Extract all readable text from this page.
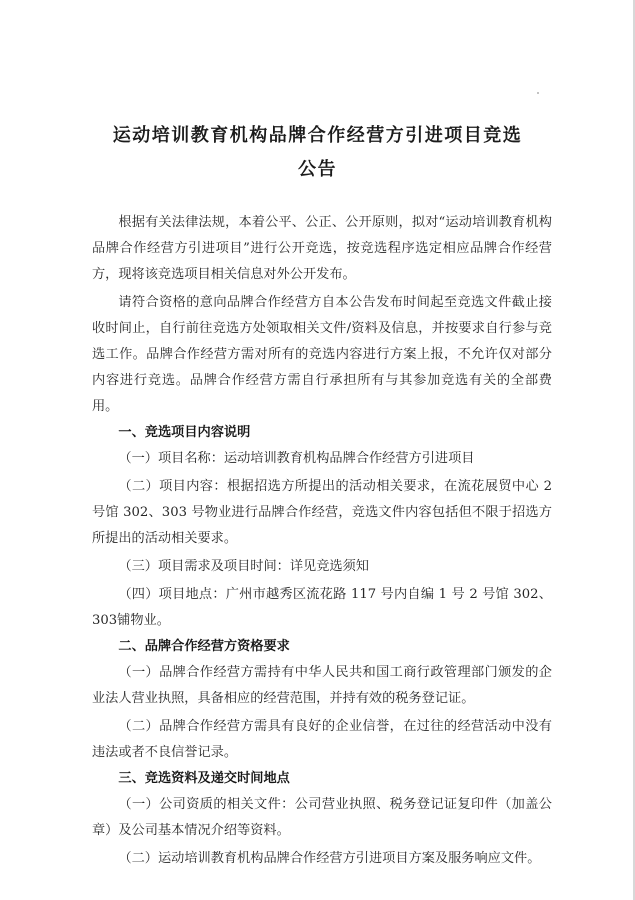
运动培训教育机构品牌合作经营方引进项目竞选
公告

根据有关法律法规，本着公平、公正、公开原则，拟对“运动培训教育机构品牌合作经营方引进项目”进行公开竞选，按竞选程序选定相应品牌合作经营方，现将该竞选项目相关信息对外公开发布。

请符合资格的意向品牌合作经营方自本公告发布时间起至竞选文件截止接收时间止，自行前往竞选方处领取相关文件/资料及信息，并按要求自行参与竞选工作。品牌合作经营方需对所有的竞选内容进行方案上报，不允许仅对部分内容进行竞选。品牌合作经营方需自行承担所有与其参加竞选有关的全部费用。

一、竞选项目内容说明

（一）项目名称：运动培训教育机构品牌合作经营方引进项目

（二）项目内容：根据招选方所提出的活动相关要求，在流花展贸中心 2号馆 302、303 号物业进行品牌合作经营，竞选文件内容包括但不限于招选方所提出的活动相关要求。

（三）项目需求及项目时间：详见竞选须知

（四）项目地点：广州市越秀区流花路 117 号内自编 1 号 2 号馆 302、303铺物业。

二、品牌合作经营方资格要求

（一）品牌合作经营方需持有中华人民共和国工商行政管理部门颁发的企业法人营业执照，具备相应的经营范围，并持有效的税务登记证。

（二）品牌合作经营方需具有良好的企业信誉，在过往的经营活动中没有违法或者不良信誉记录。

三、竞选资料及递交时间地点

（一）公司资质的相关文件：公司营业执照、税务登记证复印件（加盖公章）及公司基本情况介绍等资料。

（二）运动培训教育机构品牌合作经营方引进项目方案及服务响应文件。
